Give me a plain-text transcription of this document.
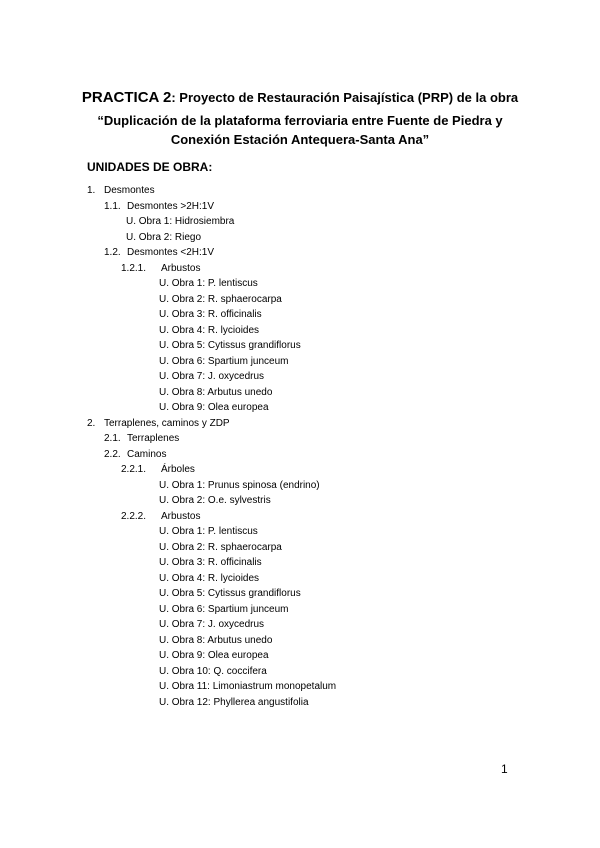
PRACTICA 2: Proyecto de Restauración Paisajística (PRP) de la obra
“Duplicación de la plataforma ferroviaria entre Fuente de Piedra y
Conexión Estación Antequera-Santa Ana”
UNIDADES DE OBRA:
1. Desmontes
1.1. Desmontes >2H:1V
U. Obra 1: Hidrosiembra
U. Obra 2: Riego
1.2. Desmontes <2H:1V
1.2.1. Arbustos
U. Obra 1: P. lentiscus
U. Obra 2: R. sphaerocarpa
U. Obra 3: R. officinalis
U. Obra 4: R. lycioides
U. Obra 5: Cytissus grandiflorus
U. Obra 6: Spartium junceum
U. Obra 7: J. oxycedrus
U. Obra 8: Arbutus unedo
U. Obra 9: Olea europea
2. Terraplenes, caminos y ZDP
2.1. Terraplenes
2.2. Caminos
2.2.1. Árboles
U. Obra 1: Prunus spinosa (endrino)
U. Obra 2: O.e. sylvestris
2.2.2. Arbustos
U. Obra 1: P. lentiscus
U. Obra 2: R. sphaerocarpa
U. Obra 3: R. officinalis
U. Obra 4: R. lycioides
U. Obra 5: Cytissus grandiflorus
U. Obra 6: Spartium junceum
U. Obra 7: J. oxycedrus
U. Obra 8: Arbutus unedo
U. Obra 9: Olea europea
U. Obra 10: Q. coccifera
U. Obra 11: Limoniastrum monopetalum
U. Obra 12: Phyllerea angustifolia
1
